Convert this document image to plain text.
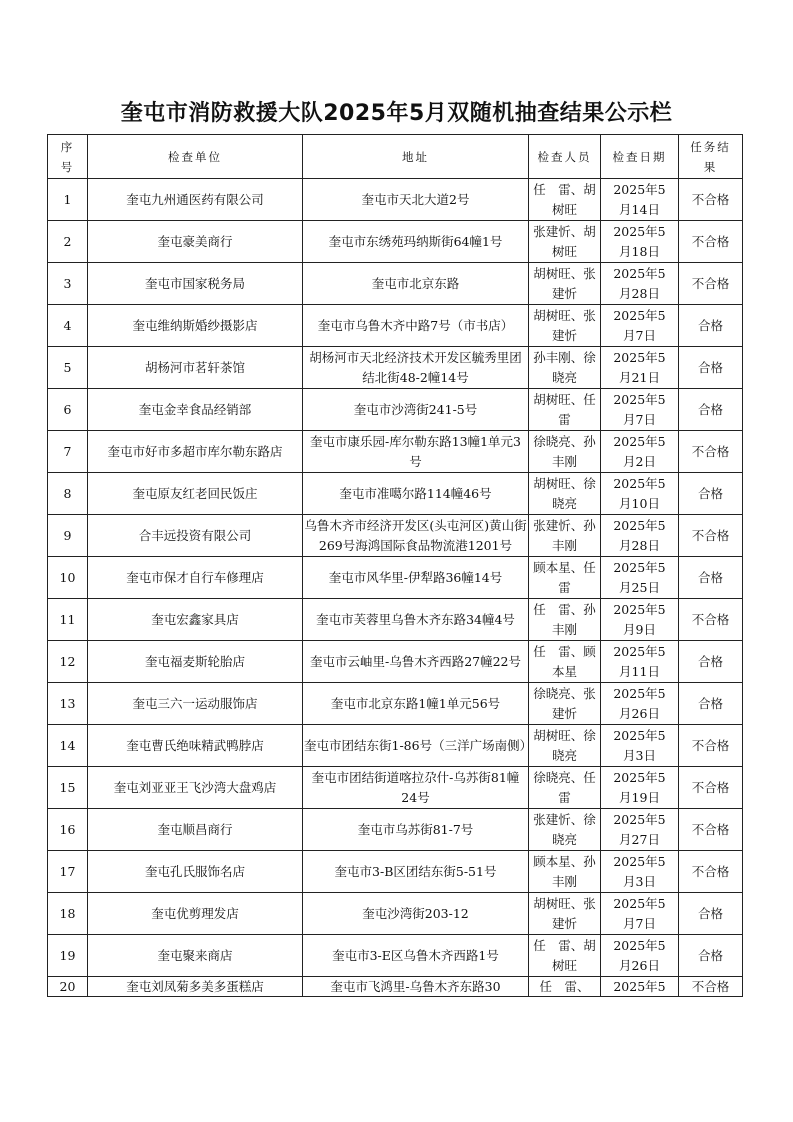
奎屯市消防救援大队2025年5月双随机抽查结果公示栏
序号	检查单位	地址	检查人员	检查日期	任务结果
1	奎屯九州通医药有限公司	奎屯市天北大道2号	任　雷、胡树旺	2025年5月14日	不合格
2	奎屯豪美商行	奎屯市东绣苑玛纳斯街64幢1号	张建忻、胡树旺	2025年5月18日	不合格
3	奎屯市国家税务局	奎屯市北京东路	胡树旺、张建忻	2025年5月28日	不合格
4	奎屯维纳斯婚纱摄影店	奎屯市乌鲁木齐中路7号（市书店）	胡树旺、张建忻	2025年5月7日	合格
5	胡杨河市茗轩茶馆	胡杨河市天北经济技术开发区毓秀里团结北街48-2幢14号	孙丰刚、徐晓亮	2025年5月21日	合格
6	奎屯金幸食品经销部	奎屯市沙湾街241-5号	胡树旺、任　雷	2025年5月7日	合格
7	奎屯市好市多超市库尔勒东路店	奎屯市康乐园-库尔勒东路13幢1单元3号	徐晓亮、孙丰刚	2025年5月2日	不合格
8	奎屯原友红老回民饭庄	奎屯市准噶尔路114幢46号	胡树旺、徐晓亮	2025年5月10日	合格
9	合丰远投资有限公司	乌鲁木齐市经济开发区(头屯河区)黄山街269号海鸿国际食品物流港1201号	张建忻、孙丰刚	2025年5月28日	不合格
10	奎屯市保才自行车修理店	奎屯市风华里-伊犁路36幢14号	顾本星、任　雷	2025年5月25日	合格
11	奎屯宏鑫家具店	奎屯市芙蓉里乌鲁木齐东路34幢4号	任　雷、孙丰刚	2025年5月9日	不合格
12	奎屯福麦斯轮胎店	奎屯市云岫里-乌鲁木齐西路27幢22号	任　雷、顾本星	2025年5月11日	合格
13	奎屯三六一运动服饰店	奎屯市北京东路1幢1单元56号	徐晓亮、张建忻	2025年5月26日	合格
14	奎屯曹氏绝味精武鸭脖店	奎屯市团结东街1-86号（三洋广场南侧）	胡树旺、徐晓亮	2025年5月3日	不合格
15	奎屯刘亚亚王飞沙湾大盘鸡店	奎屯市团结街道喀拉尕什-乌苏街81幢24号	徐晓亮、任　雷	2025年5月19日	不合格
16	奎屯顺昌商行	奎屯市乌苏街81-7号	张建忻、徐晓亮	2025年5月27日	不合格
17	奎屯孔氏服饰名店	奎屯市3-B区团结东街5-51号	顾本星、孙丰刚	2025年5月3日	不合格
18	奎屯优剪理发店	奎屯沙湾街203-12	胡树旺、张建忻	2025年5月7日	合格
19	奎屯聚来商店	奎屯市3-E区乌鲁木齐西路1号	任　雷、胡树旺	2025年5月26日	合格
20	奎屯刘凤菊多美多蛋糕店	奎屯市飞鸿里-乌鲁木齐东路30	任　雷、	2025年5	不合格
